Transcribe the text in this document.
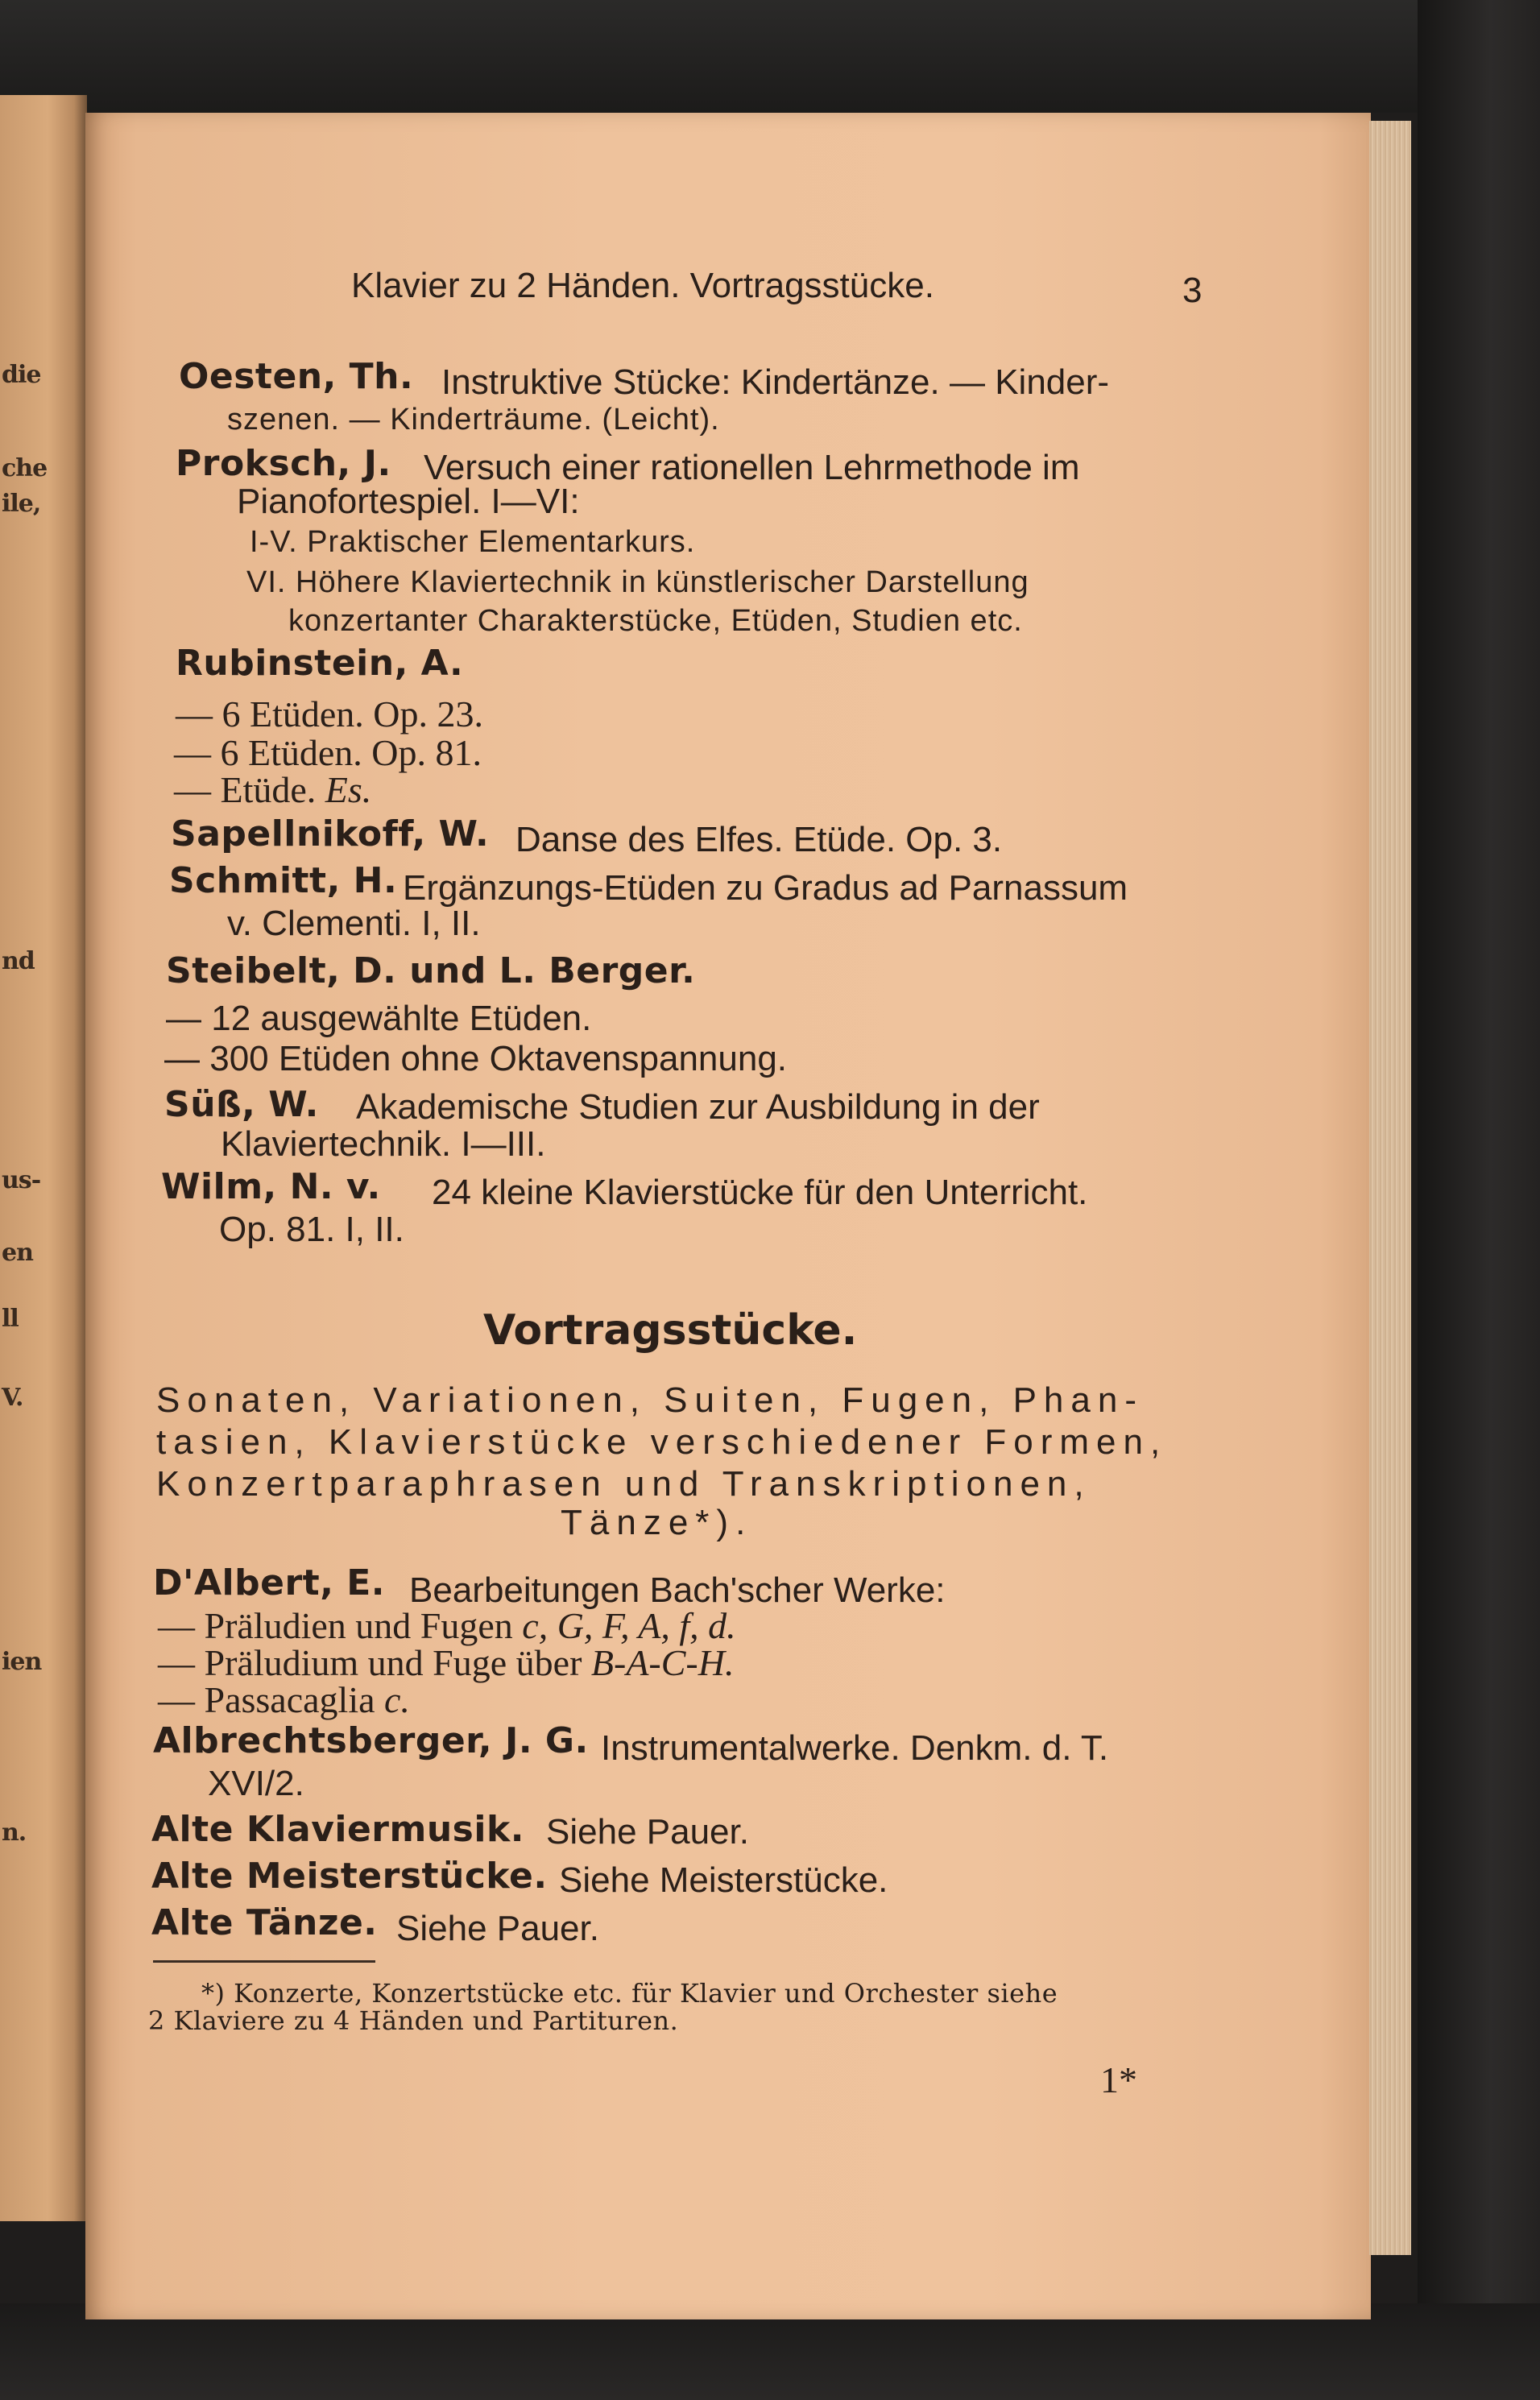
die
che
ile,
nd
us-
en
ll
V.
ien
n.
Klavier zu 2 Händen. Vortragsstücke.	3
Oesten, Th. Instruktive Stücke: Kindertänze. — Kinder-
szenen. — Kinderträume. (Leicht).
Proksch, J. Versuch einer rationellen Lehrmethode im
Pianofortespiel. I—VI:
I-V. Praktischer Elementarkurs.
VI. Höhere Klaviertechnik in künstlerischer Darstellung
konzertanter Charakterstücke, Etüden, Studien etc.
Rubinstein, A.
— 6 Etüden. Op. 23.
— 6 Etüden. Op. 81.
— Etüde. Es.
Sapellnikoff, W. Danse des Elfes. Etüde. Op. 3.
Schmitt, H. Ergänzungs-Etüden zu Gradus ad Parnassum
v. Clementi. I, II.
Steibelt, D. und L. Berger.
— 12 ausgewählte Etüden.
— 300 Etüden ohne Oktavenspannung.
Süß, W. Akademische Studien zur Ausbildung in der
Klaviertechnik. I—III.
Wilm, N. v. 24 kleine Klavierstücke für den Unterricht.
Op. 81. I, II.
Vortragsstücke.
Sonaten, Variationen, Suiten, Fugen, Phan-
tasien, Klavierstücke verschiedener Formen,
Konzertparaphrasen und Transkriptionen,
Tänze*).
D'Albert, E. Bearbeitungen Bach'scher Werke:
— Präludien und Fugen c, G, F, A, f, d.
— Präludium und Fuge über B-A-C-H.
— Passacaglia c.
Albrechtsberger, J. G. Instrumentalwerke. Denkm. d. T.
XVI/2.
Alte Klaviermusik. Siehe Pauer.
Alte Meisterstücke. Siehe Meisterstücke.
Alte Tänze. Siehe Pauer.
*) Konzerte, Konzertstücke etc. für Klavier und Orchester siehe
2 Klaviere zu 4 Händen und Partituren.
1*
